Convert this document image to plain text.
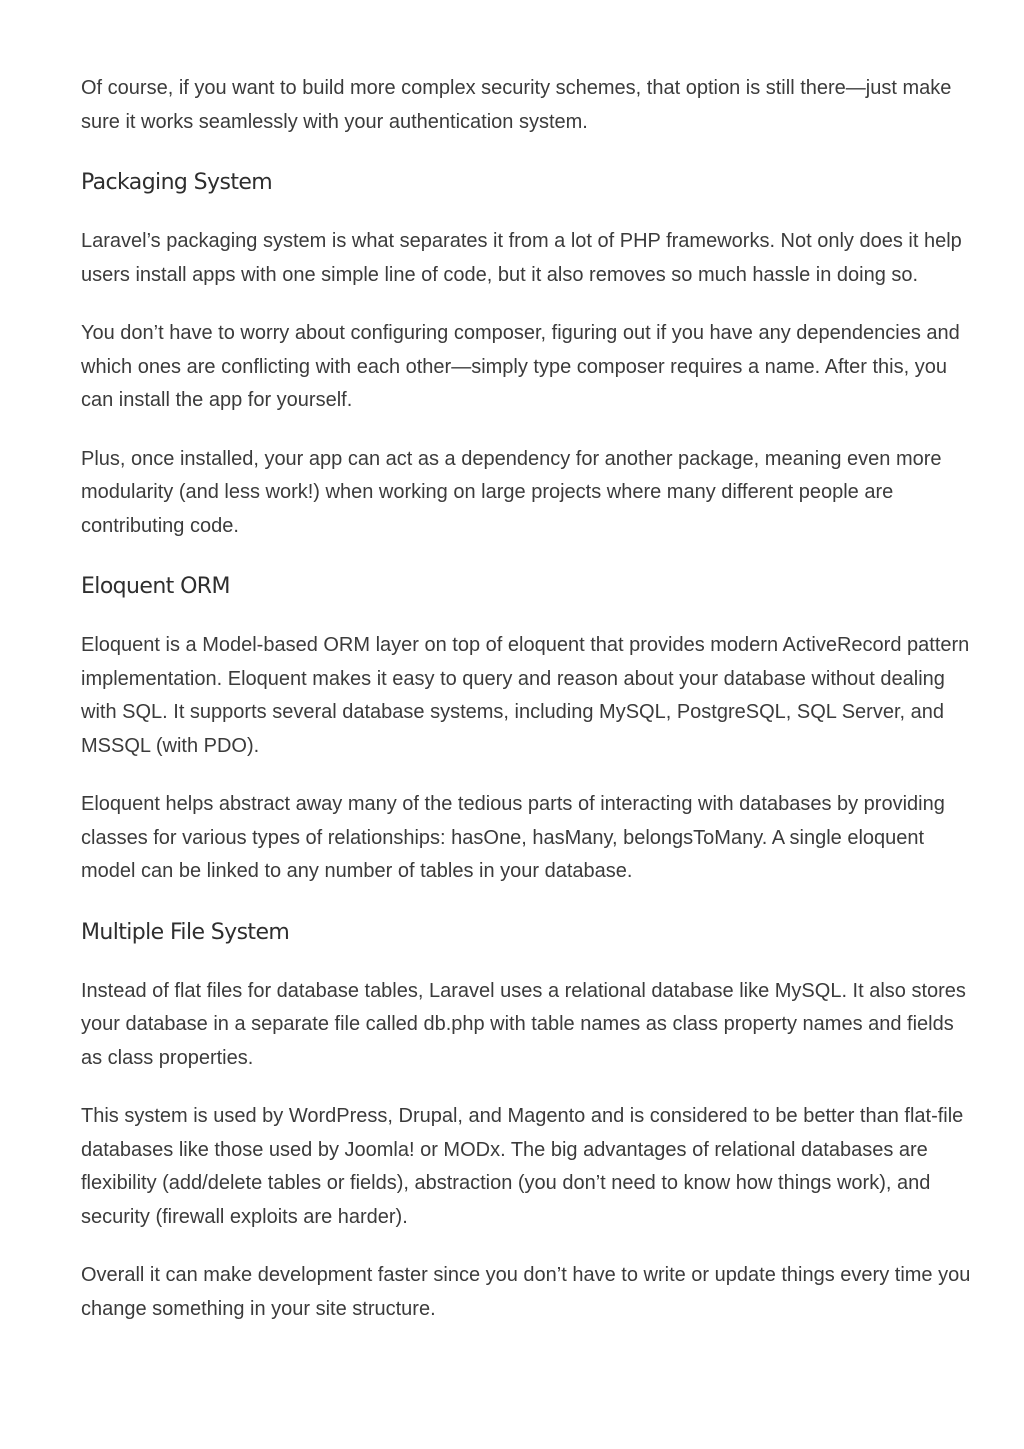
Of course, if you want to build more complex security schemes, that option is still there—just make sure it works seamlessly with your authentication system.

Packaging System

Laravel’s packaging system is what separates it from a lot of PHP frameworks. Not only does it help users install apps with one simple line of code, but it also removes so much hassle in doing so.

You don’t have to worry about configuring composer, figuring out if you have any dependencies and which ones are conflicting with each other—simply type composer requires a name. After this, you can install the app for yourself.

Plus, once installed, your app can act as a dependency for another package, meaning even more modularity (and less work!) when working on large projects where many different people are contributing code.

Eloquent ORM

Eloquent is a Model-based ORM layer on top of eloquent that provides modern ActiveRecord pattern implementation. Eloquent makes it easy to query and reason about your database without dealing with SQL. It supports several database systems, including MySQL, PostgreSQL, SQL Server, and MSSQL (with PDO).

Eloquent helps abstract away many of the tedious parts of interacting with databases by providing classes for various types of relationships: hasOne, hasMany, belongsToMany. A single eloquent model can be linked to any number of tables in your database.

Multiple File System

Instead of flat files for database tables, Laravel uses a relational database like MySQL. It also stores your database in a separate file called db.php with table names as class property names and fields as class properties.

This system is used by WordPress, Drupal, and Magento and is considered to be better than flat-file databases like those used by Joomla! or MODx. The big advantages of relational databases are flexibility (add/delete tables or fields), abstraction (you don’t need to know how things work), and security (firewall exploits are harder).

Overall it can make development faster since you don’t have to write or update things every time you change something in your site structure.
